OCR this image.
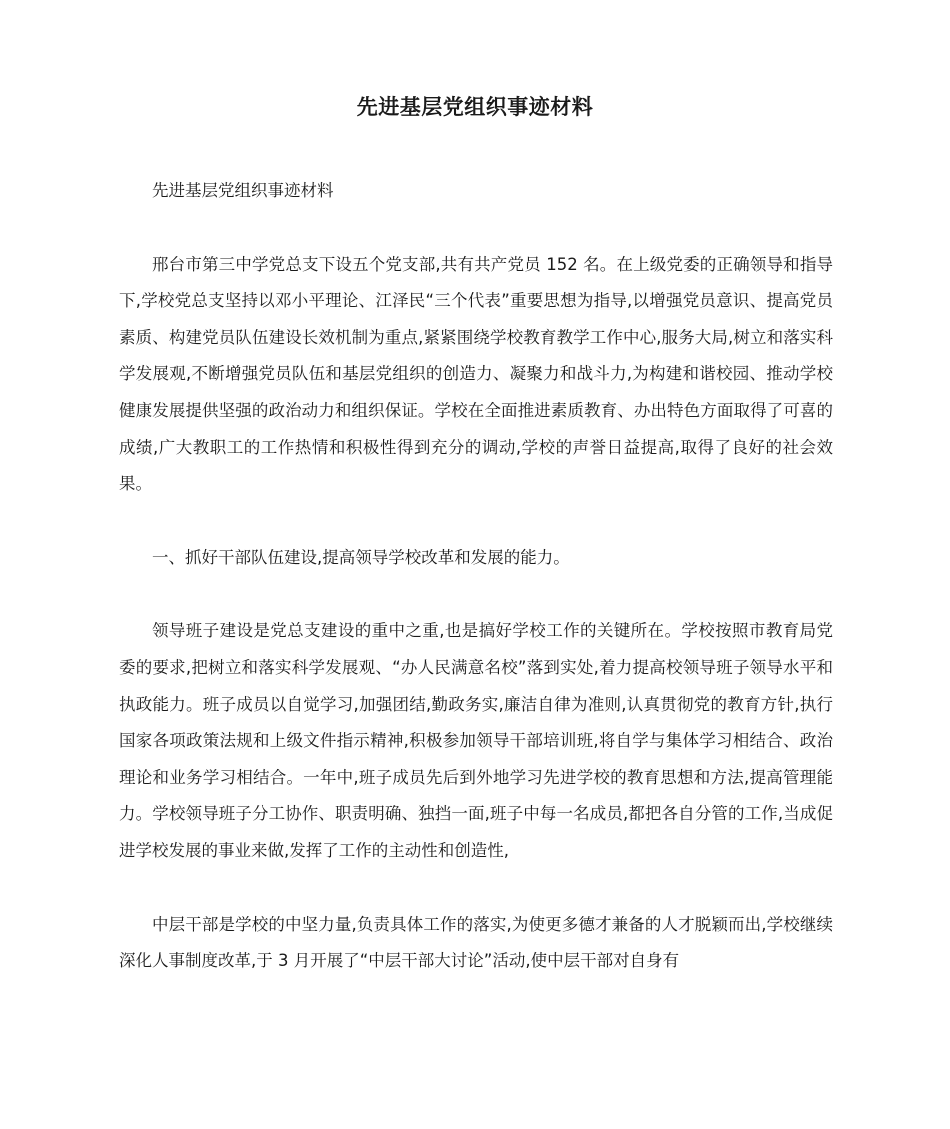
先进基层党组织事迹材料

先进基层党组织事迹材料

邢台市第三中学党总支下设五个党支部,共有共产党员 152 名。在上级党委的正确领导和指导下,学校党总支坚持以邓小平理论、江泽民“三个代表”重要思想为指导,以增强党员意识、提高党员素质、构建党员队伍建设长效机制为重点,紧紧围绕学校教育教学工作中心,服务大局,树立和落实科学发展观,不断增强党员队伍和基层党组织的创造力、凝聚力和战斗力,为构建和谐校园、推动学校健康发展提供坚强的政治动力和组织保证。学校在全面推进素质教育、办出特色方面取得了可喜的成绩,广大教职工的工作热情和积极性得到充分的调动,学校的声誉日益提高,取得了良好的社会效果。

一、抓好干部队伍建设,提高领导学校改革和发展的能力。

领导班子建设是党总支建设的重中之重,也是搞好学校工作的关键所在。学校按照市教育局党委的要求,把树立和落实科学发展观、“办人民满意名校”落到实处,着力提高校领导班子领导水平和执政能力。班子成员以自觉学习,加强团结,勤政务实,廉洁自律为准则,认真贯彻党的教育方针,执行国家各项政策法规和上级文件指示精神,积极参加领导干部培训班,将自学与集体学习相结合、政治理论和业务学习相结合。一年中,班子成员先后到外地学习先进学校的教育思想和方法,提高管理能力。学校领导班子分工协作、职责明确、独挡一面,班子中每一名成员,都把各自分管的工作,当成促进学校发展的事业来做,发挥了工作的主动性和创造性,

中层干部是学校的中坚力量,负责具体工作的落实,为使更多德才兼备的人才脱颖而出,学校继续深化人事制度改革,于 3 月开展了“中层干部大讨论”活动,使中层干部对自身有
